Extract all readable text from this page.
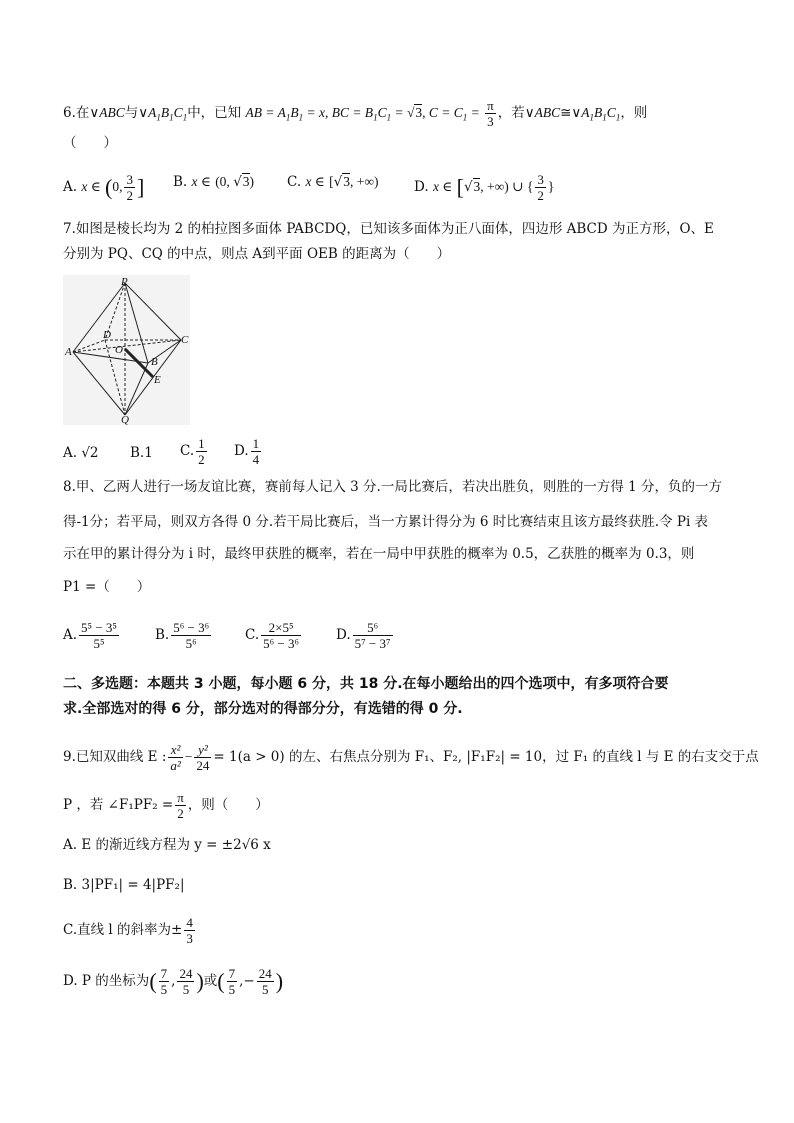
6.在∨ABC与$\vee A_1B_1C_1$中，已知 AB = $A_1B_1 = x$, BC = $B_1C_1 = √3$, $C = C_1 = \frac{\pi}{3}$ ，若$\vee ABC≅\vee A_1B_1C_1$，则
（　　）
A. x ∈ (0, $\frac{3}{2}$ ] B. x ∈ (0, √3) C. x ∈ [√3, +∞)	D. x ∈ [√3, +∞) ∪ { $\frac{3}{2}$ }
7.如图是棱长均为 2 的柏拉图多面体 PABCDQ，已知该多面体为正八面体，四边形 ABCD 为正方形，O、E
分别为 PQ、CQ 的中点，则点 A到平面 OEB 的距离为（　　）
P
D
O
C
A
B
E
Q
A. √2 B.1 C. $\frac{1}{2} D$. $\frac{1}{4}$
8.甲、乙两人进行一场友谊比赛，赛前每人记入 3 分.一局比赛后，若决出胜负，则胜的一方得 1 分，负的一方
得-1分；若平局，则双方各得 0 分.若干局比赛后，当一方累计得分为 6 时比赛结束且该方最终获胜.令 Pi 表
示在甲的累计得分为 i 时，最终甲获胜的概率，若在一局中甲获胜的概率为 0.5，乙获胜的概率为 0.3，则
P1 =（　　）
A. $\frac{\text{5⁵ − 3⁵}}{\text{5⁵}}$	B. $\frac{\text{5⁶ − 3⁶}}{\text{5⁶}}$	C. $\frac{\text{2×5⁵}}{\text{5⁶ − 3⁶}}$	D. $\frac{\text{5⁶}}{\text{5⁷ − 3⁷}}$
二、多选题：本题共 3 小题，每小题 6 分，共 18 分.在每小题给出的四个选项中，有多项符合要
求.全部选对的得 6 分，部分选对的得部分分，有选错的得 0 分.
9.已知双曲线 E : $\frac{\text{x²}}{\text{a²}} - \frac{\text{y²}}{24} = 1(a > 0)$ 的左、右焦点分别为 F₁、F₂, |F₁F₂| = 10，过 F₁ 的直线 l 与 E 的右支交于点
P ，若 ∠F₁PF₂ = $\frac{\pi}{2}$ ，则（　　）
A. E 的渐近线方程为 y = ±2√6 x
B. 3|PF₁| = 4|PF₂|
C.直线 l 的斜率为± $\frac{4}{3}$
D. P 的坐标为( $\frac{7}{5}$ , $\frac{24}{5}$ )或( $\frac{7}{5}$ ,− $\frac{24}{5}$ )
